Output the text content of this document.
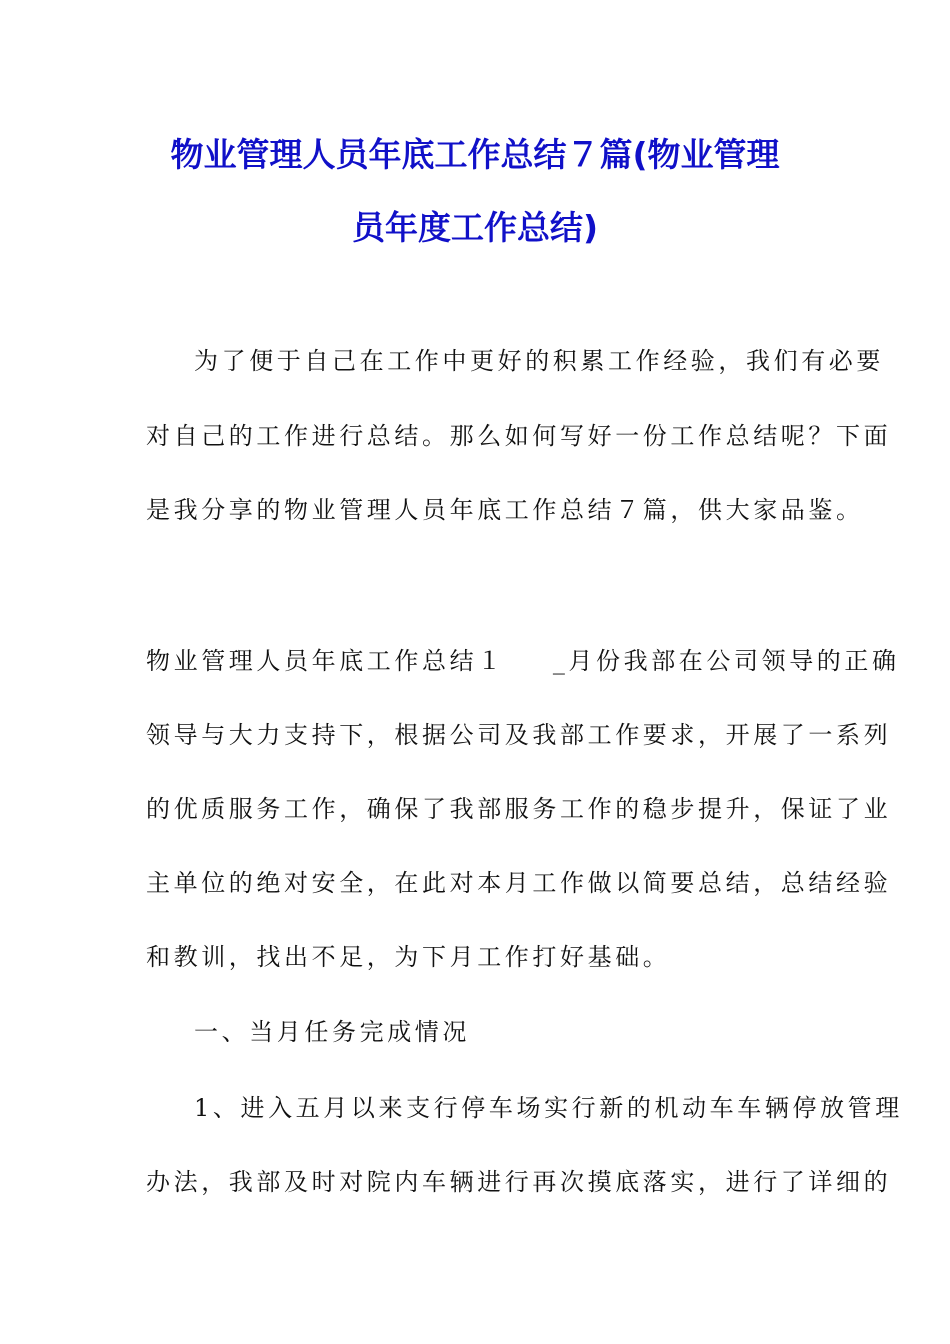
物业管理人员年底工作总结７篇(物业管理
员年度工作总结)

为了便于自己在工作中更好的积累工作经验，我们有必要

对自己的工作进行总结。那么如何写好一份工作总结呢？下面

是我分享的物业管理人员年底工作总结７篇，供大家品鉴。

物业管理人员年底工作总结１ _月份我部在公司领导的正确

领导与大力支持下，根据公司及我部工作要求，开展了一系列

的优质服务工作，确保了我部服务工作的稳步提升，保证了业

主单位的绝对安全，在此对本月工作做以简要总结，总结经验

和教训，找出不足，为下月工作打好基础。

一、当月任务完成情况

1、进入五月以来支行停车场实行新的机动车车辆停放管理

办法，我部及时对院内车辆进行再次摸底落实，进行了详细的
